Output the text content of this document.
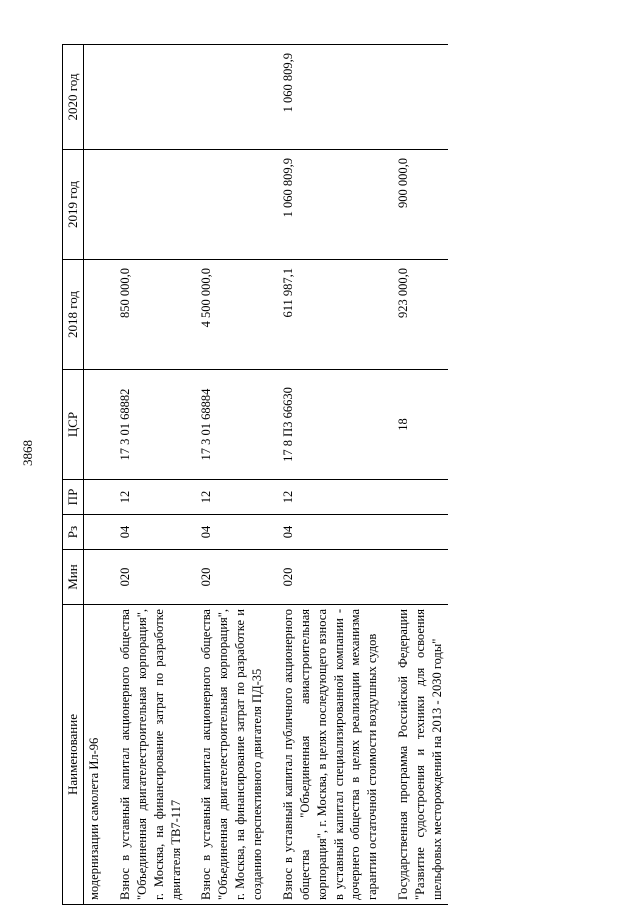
3868
Наименование	Мин	Рз	ПР	ЦСР	2018 год	2019 год	2020 год
модернизации самолета Ил-96							

Взнос в уставный капитал акционерного общества "Объединенная двигателестроительная корпорация", г. Москва, на финансирование затрат по разработке двигателя ТВ7-117	020	04	12	17 3 01 68882	850 000,0		

Взнос в уставный капитал акционерного общества "Объединенная двигателестроительная корпорация", г. Москва, на финансирование затрат по разработке и созданию перспективного двигателя ПД-35	020	04	12	17 3 01 68884	4 500 000,0		

Взнос в уставный капитал публичного акционерного общества "Объединенная авиастроительная корпорация", г. Москва, в целях последующего взноса в уставный капитал специализированной компании - дочернего общества в целях реализации механизма гарантии остаточной стоимости воздушных судов	020	04	12	17 8 П3 66630	611 987,1	1 060 809,9	1 060 809,9

Государственная программа Российской Федерации "Развитие судостроения и техники для освоения шельфовых месторождений на 2013 - 2030 годы"				18	923 000,0	900 000,0	
